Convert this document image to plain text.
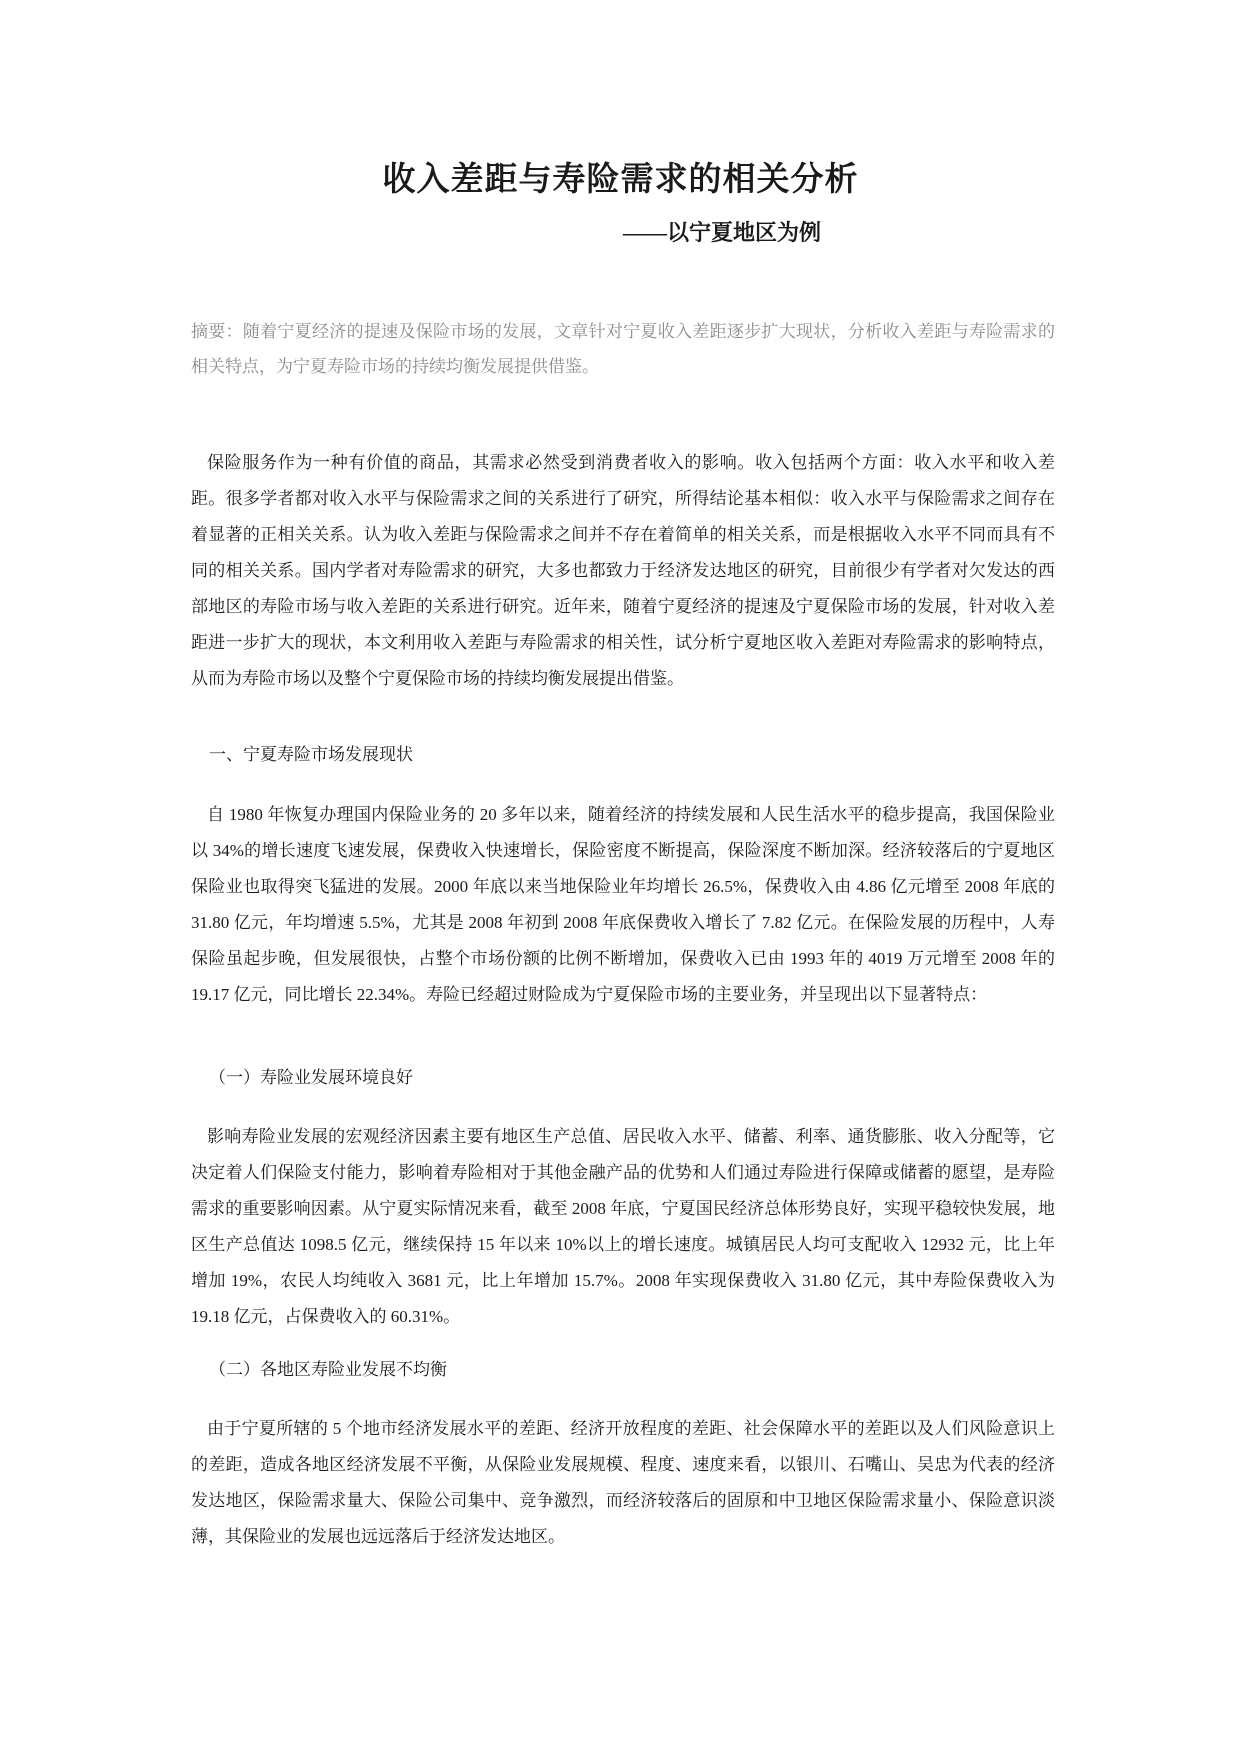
收入差距与寿险需求的相关分析
——以宁夏地区为例
摘要：随着宁夏经济的提速及保险市场的发展，文章针对宁夏收入差距逐步扩大现状，分析收入差距与寿险需求的相关特点，为宁夏寿险市场的持续均衡发展提供借鉴。

保险服务作为一种有价值的商品，其需求必然受到消费者收入的影响。收入包括两个方面：收入水平和收入差距。很多学者都对收入水平与保险需求之间的关系进行了研究，所得结论基本相似：收入水平与保险需求之间存在着显著的正相关关系。认为收入差距与保险需求之间并不存在着简单的相关关系，而是根据收入水平不同而具有不同的相关关系。国内学者对寿险需求的研究，大多也都致力于经济发达地区的研究，目前很少有学者对欠发达的西部地区的寿险市场与收入差距的关系进行研究。近年来，随着宁夏经济的提速及宁夏保险市场的发展，针对收入差距进一步扩大的现状，本文利用收入差距与寿险需求的相关性，试分析宁夏地区收入差距对寿险需求的影响特点，从而为寿险市场以及整个宁夏保险市场的持续均衡发展提出借鉴。

一、宁夏寿险市场发展现状

自 1980 年恢复办理国内保险业务的 20 多年以来，随着经济的持续发展和人民生活水平的稳步提高，我国保险业以 34%的增长速度飞速发展，保费收入快速增长，保险密度不断提高，保险深度不断加深。经济较落后的宁夏地区保险业也取得突飞猛进的发展。2000 年底以来当地保险业年均增长 26.5%，保费收入由 4.86 亿元增至 2008 年底的 31.80 亿元，年均增速 5.5%，尤其是 2008 年初到 2008 年底保费收入增长了 7.82 亿元。在保险发展的历程中，人寿保险虽起步晚，但发展很快，占整个市场份额的比例不断增加，保费收入已由 1993 年的 4019 万元增至 2008 年的 19.17 亿元，同比增长 22.34%。寿险已经超过财险成为宁夏保险市场的主要业务，并呈现出以下显著特点：

（一）寿险业发展环境良好

影响寿险业发展的宏观经济因素主要有地区生产总值、居民收入水平、储蓄、利率、通货膨胀、收入分配等，它决定着人们保险支付能力，影响着寿险相对于其他金融产品的优势和人们通过寿险进行保障或储蓄的愿望，是寿险需求的重要影响因素。从宁夏实际情况来看，截至 2008 年底，宁夏国民经济总体形势良好，实现平稳较快发展，地区生产总值达 1098.5 亿元，继续保持 15 年以来 10%以上的增长速度。城镇居民人均可支配收入 12932 元，比上年增加 19%，农民人均纯收入 3681 元，比上年增加 15.7%。2008 年实现保费收入 31.80 亿元，其中寿险保费收入为 19.18 亿元，占保费收入的 60.31%。

（二）各地区寿险业发展不均衡

由于宁夏所辖的 5 个地市经济发展水平的差距、经济开放程度的差距、社会保障水平的差距以及人们风险意识上的差距，造成各地区经济发展不平衡，从保险业发展规模、程度、速度来看，以银川、石嘴山、吴忠为代表的经济发达地区，保险需求量大、保险公司集中、竞争激烈，而经济较落后的固原和中卫地区保险需求量小、保险意识淡薄，其保险业的发展也远远落后于经济发达地区。
